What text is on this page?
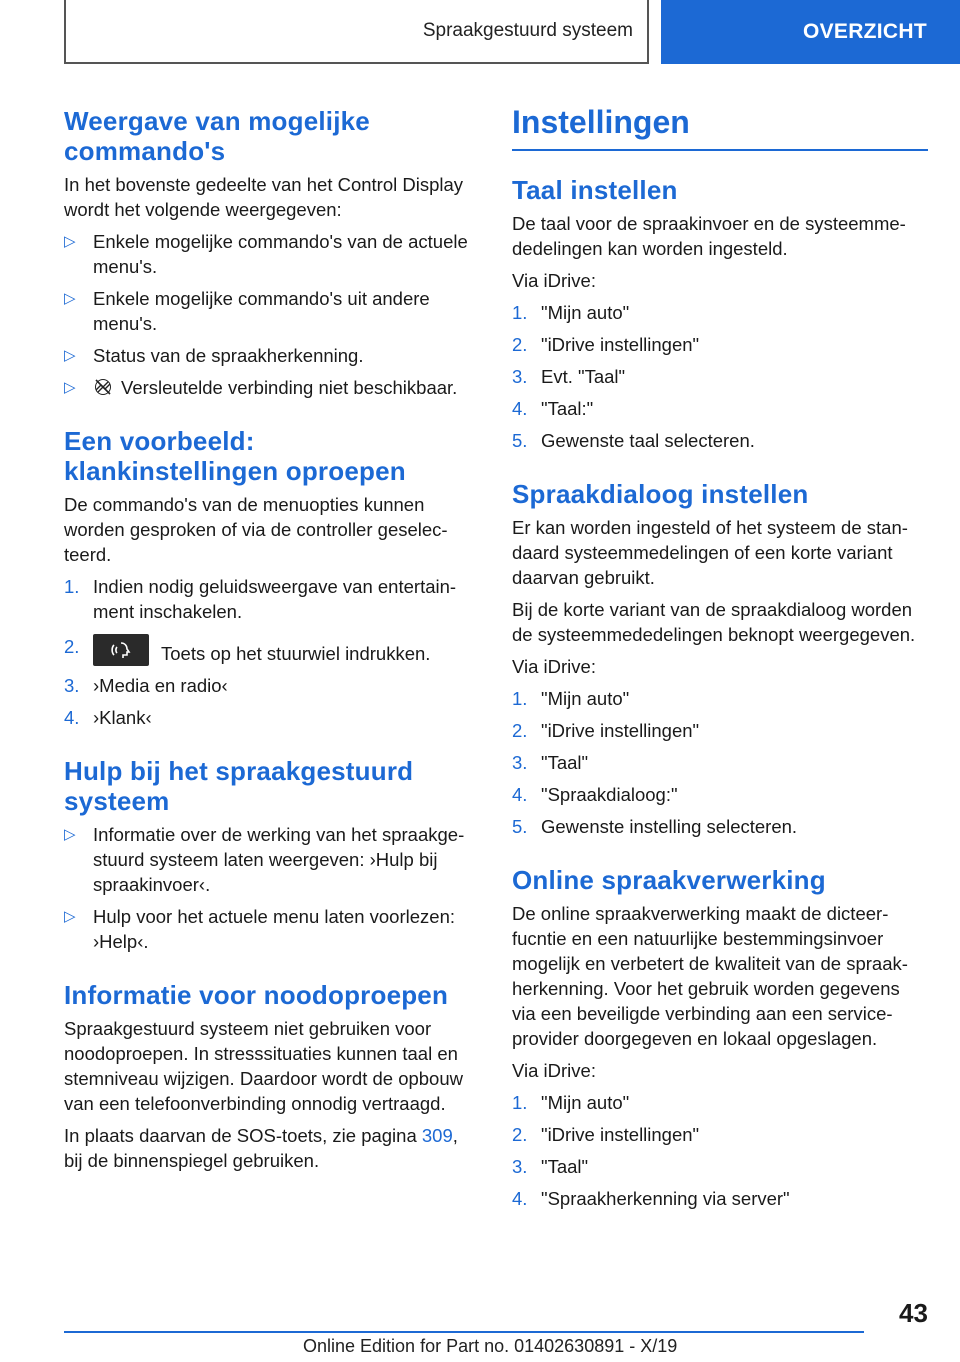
Spraakgestuurd systeem	OVERZICHT
Weergave van mogelijke commando's

In het bovenste gedeelte van het Control Display wordt het volgende weergegeven:

▷ Enkele mogelijke commando's van de actuele menu's.
▷ Enkele mogelijke commando's uit andere menu's.
▷ Status van de spraakherkenning.
▷ Versleutelde verbinding niet beschikbaar.
Een voorbeeld: klankinstellingen oproepen

De commando's van de menuopties kunnen worden gesproken of via de controller geselecteerd.

1. Indien nodig geluidsweergave van entertainment inschakelen.
2.	Toets op het stuurwiel indrukken.
3. ›Media en radio‹
4. ›Klank‹
Hulp bij het spraakgestuurd systeem
▷ Informatie over de werking van het spraakgestuurd systeem laten weergeven: ›Hulp bij spraakinvoer‹.
▷ Hulp voor het actuele menu laten voorlezen: ›Help‹.
Informatie voor noodoproepen

Spraakgestuurd systeem niet gebruiken voor noodoproepen. In stresssituaties kunnen taal en stemniveau wijzigen. Daardoor wordt de opbouw van een telefoonverbinding onnodig vertraagd.

In plaats daarvan de SOS-toets, zie pagina 309, bij de binnenspiegel gebruiken.

Instellingen
Taal instellen

De taal voor de spraakinvoer en de systeemmededelingen kan worden ingesteld.

Via iDrive:

1. "Mijn auto"
2. "iDrive instellingen"
3. Evt. "Taal"
4. "Taal:"
5. Gewenste taal selecteren.
Spraakdialoog instellen

Er kan worden ingesteld of het systeem de standaard systeemmedelingen of een korte variant daarvan gebruikt.

Bij de korte variant van de spraakdialoog worden de systeemmededelingen beknopt weergegeven.

Via iDrive:

1. "Mijn auto"
2. "iDrive instellingen"
3. "Taal"
4. "Spraakdialoog:"
5. Gewenste instelling selecteren.
Online spraakverwerking

De online spraakverwerking maakt de dicteerfucntie en een natuurlijke bestemmingsinvoer mogelijk en verbetert de kwaliteit van de spraakherkenning. Voor het gebruik worden gegevens via een beveiligde verbinding aan een serviceprovider doorgegeven en lokaal opgeslagen.

Via iDrive:

1. "Mijn auto"
2. "iDrive instellingen"
3. "Taal"
4. "Spraakherkenning via server"
43
Online Edition for Part no. 01402630891 - X/19
